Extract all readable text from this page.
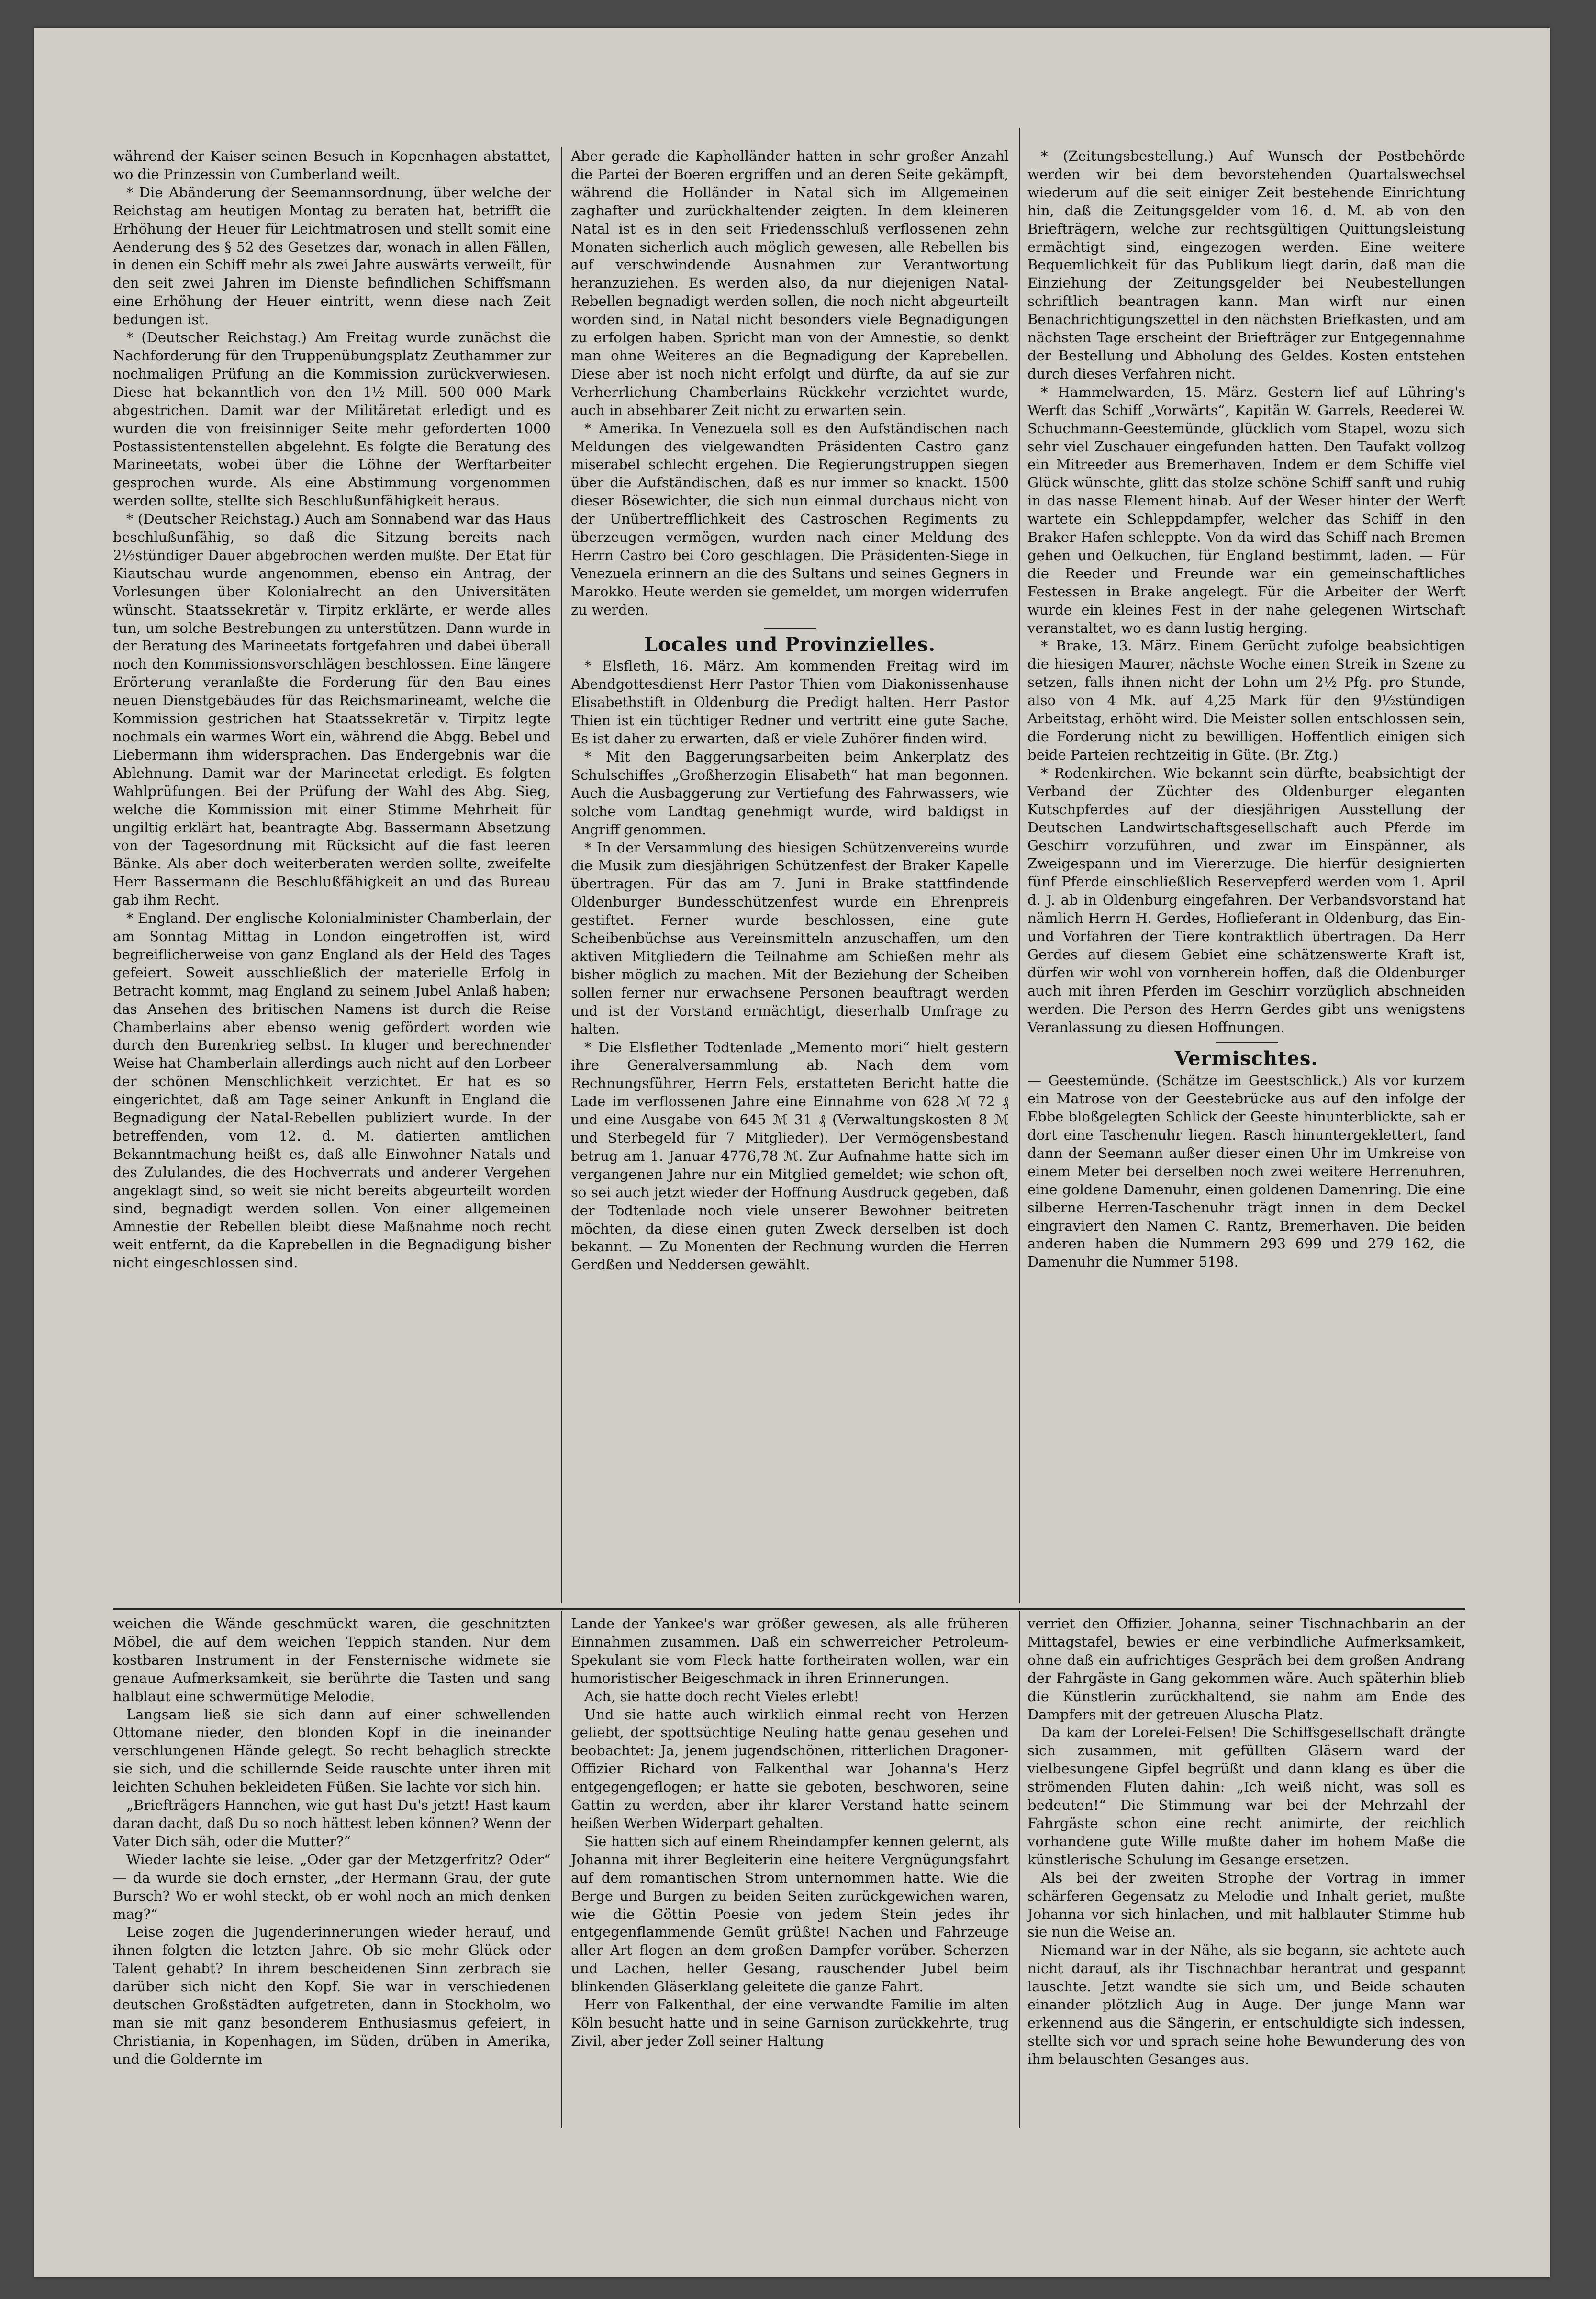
während der Kaiser seinen Besuch in Kopenhagen abstattet, wo die Prinzessin von Cumberland weilt.

* Die Abänderung der Seemannsordnung, über welche der Reichstag am heutigen Montag zu beraten hat, betrifft die Erhöhung der Heuer für Leichtmatrosen und stellt somit eine Aenderung des § 52 des Gesetzes dar, wonach in allen Fällen, in denen ein Schiff mehr als zwei Jahre auswärts verweilt, für den seit zwei Jahren im Dienste befindlichen Schiffsmann eine Erhöhung der Heuer eintritt, wenn diese nach Zeit bedungen ist.

* (Deutscher Reichstag.) Am Freitag wurde zunächst die Nachforderung für den Truppenübungsplatz Zeuthammer zur nochmaligen Prüfung an die Kommission zurückverwiesen. Diese hat bekanntlich von den 1½ Mill. 500 000 Mark abgestrichen. Damit war der Militäretat erledigt und es wurden die von freisinniger Seite mehr geforderten 1000 Postassistentenstellen abgelehnt. Es folgte die Beratung des Marineetats, wobei über die Löhne der Werftarbeiter gesprochen wurde. Als eine Abstimmung vorgenommen werden sollte, stellte sich Beschlußunfähigkeit heraus.

* (Deutscher Reichstag.) Auch am Sonnabend war das Haus beschlußunfähig, so daß die Sitzung bereits nach 2½stündiger Dauer abgebrochen werden mußte. Der Etat für Kiautschau wurde angenommen, ebenso ein Antrag, der Vorlesungen über Kolonialrecht an den Universitäten wünscht. Staatssekretär v. Tirpitz erklärte, er werde alles tun, um solche Bestrebungen zu unterstützen. Dann wurde in der Beratung des Marineetats fortgefahren und dabei überall noch den Kommissionsvorschlägen beschlossen. Eine längere Erörterung veranlaßte die Forderung für den Bau eines neuen Dienstgebäudes für das Reichsmarineamt, welche die Kommission gestrichen hat Staatssekretär v. Tirpitz legte nochmals ein warmes Wort ein, während die Abgg. Bebel und Liebermann ihm widersprachen. Das Endergebnis war die Ablehnung. Damit war der Marineetat erledigt. Es folgten Wahlprüfungen. Bei der Prüfung der Wahl des Abg. Sieg, welche die Kommission mit einer Stimme Mehrheit für ungiltig erklärt hat, beantragte Abg. Bassermann Absetzung von der Tagesordnung mit Rücksicht auf die fast leeren Bänke. Als aber doch weiterberaten werden sollte, zweifelte Herr Bassermann die Beschlußfähigkeit an und das Bureau gab ihm Recht.

* England. Der englische Kolonialminister Chamberlain, der am Sonntag Mittag in London eingetroffen ist, wird begreiflicherweise von ganz England als der Held des Tages gefeiert. Soweit ausschließlich der materielle Erfolg in Betracht kommt, mag England zu seinem Jubel Anlaß haben; das Ansehen des britischen Namens ist durch die Reise Chamberlains aber ebenso wenig gefördert worden wie durch den Burenkrieg selbst. In kluger und berechnender Weise hat Chamberlain allerdings auch nicht auf den Lorbeer der schönen Menschlichkeit verzichtet. Er hat es so eingerichtet, daß am Tage seiner Ankunft in England die Begnadigung der Natal-Rebellen publiziert wurde. In der betreffenden, vom 12. d. M. datierten amtlichen Bekanntmachung heißt es, daß alle Einwohner Natals und des Zululandes, die des Hochverrats und anderer Vergehen angeklagt sind, so weit sie nicht bereits abgeurteilt worden sind, begnadigt werden sollen. Von einer allgemeinen Amnestie der Rebellen bleibt diese Maßnahme noch recht weit entfernt, da die Kaprebellen in die Begnadigung bisher nicht eingeschlossen sind.

Aber gerade die Kapholländer hatten in sehr großer Anzahl die Partei der Boeren ergriffen und an deren Seite gekämpft, während die Holländer in Natal sich im Allgemeinen zaghafter und zurückhaltender zeigten. In dem kleineren Natal ist es in den seit Friedensschluß verflossenen zehn Monaten sicherlich auch möglich gewesen, alle Rebellen bis auf verschwindende Ausnahmen zur Verantwortung heranzuziehen. Es werden also, da nur diejenigen Natal-Rebellen begnadigt werden sollen, die noch nicht abgeurteilt worden sind, in Natal nicht besonders viele Begnadigungen zu erfolgen haben. Spricht man von der Amnestie, so denkt man ohne Weiteres an die Begnadigung der Kaprebellen. Diese aber ist noch nicht erfolgt und dürfte, da auf sie zur Verherrlichung Chamberlains Rückkehr verzichtet wurde, auch in absehbarer Zeit nicht zu erwarten sein.

* Amerika. In Venezuela soll es den Aufständischen nach Meldungen des vielgewandten Präsidenten Castro ganz miserabel schlecht ergehen. Die Regierungstruppen siegen über die Aufständischen, daß es nur immer so knackt. 1500 dieser Bösewichter, die sich nun einmal durchaus nicht von der Unübertrefflichkeit des Castroschen Regiments zu überzeugen vermögen, wurden nach einer Meldung des Herrn Castro bei Coro geschlagen. Die Präsidenten-Siege in Venezuela erinnern an die des Sultans und seines Gegners in Marokko. Heute werden sie gemeldet, um morgen widerrufen zu werden.

Locales und Provinzielles.

* Elsfleth, 16. März. Am kommenden Freitag wird im Abendgottesdienst Herr Pastor Thien vom Diakonissenhause Elisabethstift in Oldenburg die Predigt halten. Herr Pastor Thien ist ein tüchtiger Redner und vertritt eine gute Sache. Es ist daher zu erwarten, daß er viele Zuhörer finden wird.

* Mit den Baggerungsarbeiten beim Ankerplatz des Schulschiffes „Großherzogin Elisabeth“ hat man begonnen. Auch die Ausbaggerung zur Vertiefung des Fahrwassers, wie solche vom Landtag genehmigt wurde, wird baldigst in Angriff genommen.

* In der Versammlung des hiesigen Schützenvereins wurde die Musik zum diesjährigen Schützenfest der Braker Kapelle übertragen. Für das am 7. Juni in Brake stattfindende Oldenburger Bundesschützenfest wurde ein Ehrenpreis gestiftet. Ferner wurde beschlossen, eine gute Scheibenbüchse aus Vereinsmitteln anzuschaffen, um den aktiven Mitgliedern die Teilnahme am Schießen mehr als bisher möglich zu machen. Mit der Beziehung der Scheiben sollen ferner nur erwachsene Personen beauftragt werden und ist der Vorstand ermächtigt, dieserhalb Umfrage zu halten.

* Die Elsflether Todtenlade „Memento mori“ hielt gestern ihre Generalversammlung ab. Nach dem vom Rechnungsführer, Herrn Fels, erstatteten Bericht hatte die Lade im verflossenen Jahre eine Einnahme von 628 ℳ 72 ₰ und eine Ausgabe von 645 ℳ 31 ₰ (Verwaltungskosten 8 ℳ und Sterbegeld für 7 Mitglieder). Der Vermögensbestand betrug am 1. Januar 4776,78 ℳ. Zur Aufnahme hatte sich im vergangenen Jahre nur ein Mitglied gemeldet; wie schon oft, so sei auch jetzt wieder der Hoffnung Ausdruck gegeben, daß der Todtenlade noch viele unserer Bewohner beitreten möchten, da diese einen guten Zweck derselben ist doch bekannt. — Zu Monenten der Rechnung wurden die Herren Gerdßen und Neddersen gewählt.

* (Zeitungsbestellung.) Auf Wunsch der Postbehörde werden wir bei dem bevorstehenden Quartalswechsel wiederum auf die seit einiger Zeit bestehende Einrichtung hin, daß die Zeitungsgelder vom 16. d. M. ab von den Briefträgern, welche zur rechtsgültigen Quittungsleistung ermächtigt sind, eingezogen werden. Eine weitere Bequemlichkeit für das Publikum liegt darin, daß man die Einziehung der Zeitungsgelder bei Neubestellungen schriftlich beantragen kann. Man wirft nur einen Benachrichtigungszettel in den nächsten Briefkasten, und am nächsten Tage erscheint der Briefträger zur Entgegennahme der Bestellung und Abholung des Geldes. Kosten entstehen durch dieses Verfahren nicht.

* Hammelwarden, 15. März. Gestern lief auf Lühring's Werft das Schiff „Vorwärts“, Kapitän W. Garrels, Reederei W. Schuchmann-Geestemünde, glücklich vom Stapel, wozu sich sehr viel Zuschauer eingefunden hatten. Den Taufakt vollzog ein Mitreeder aus Bremerhaven. Indem er dem Schiffe viel Glück wünschte, glitt das stolze schöne Schiff sanft und ruhig in das nasse Element hinab. Auf der Weser hinter der Werft wartete ein Schleppdampfer, welcher das Schiff in den Braker Hafen schleppte. Von da wird das Schiff nach Bremen gehen und Oelkuchen, für England bestimmt, laden. — Für die Reeder und Freunde war ein gemeinschaftliches Festessen in Brake angelegt. Für die Arbeiter der Werft wurde ein kleines Fest in der nahe gelegenen Wirtschaft veranstaltet, wo es dann lustig herging.

* Brake, 13. März. Einem Gerücht zufolge beabsichtigen die hiesigen Maurer, nächste Woche einen Streik in Szene zu setzen, falls ihnen nicht der Lohn um 2½ Pfg. pro Stunde, also von 4 Mk. auf 4,25 Mark für den 9½stündigen Arbeitstag, erhöht wird. Die Meister sollen entschlossen sein, die Forderung nicht zu bewilligen. Hoffentlich einigen sich beide Parteien rechtzeitig in Güte. (Br. Ztg.)

* Rodenkirchen. Wie bekannt sein dürfte, beabsichtigt der Verband der Züchter des Oldenburger eleganten Kutschpferdes auf der diesjährigen Ausstellung der Deutschen Landwirtschaftsgesellschaft auch Pferde im Geschirr vorzuführen, und zwar im Einspänner, als Zweigespann und im Viererzuge. Die hierfür designierten fünf Pferde einschließlich Reservepferd werden vom 1. April d. J. ab in Oldenburg eingefahren. Der Verbandsvorstand hat nämlich Herrn H. Gerdes, Hoflieferant in Oldenburg, das Ein- und Vorfahren der Tiere kontraktlich übertragen. Da Herr Gerdes auf diesem Gebiet eine schätzenswerte Kraft ist, dürfen wir wohl von vornherein hoffen, daß die Oldenburger auch mit ihren Pferden im Geschirr vorzüglich abschneiden werden. Die Person des Herrn Gerdes gibt uns wenigstens Veranlassung zu diesen Hoffnungen.

Vermischtes.

— Geestemünde. (Schätze im Geestschlick.) Als vor kurzem ein Matrose von der Geestebrücke aus auf den infolge der Ebbe bloßgelegten Schlick der Geeste hinunterblickte, sah er dort eine Taschenuhr liegen. Rasch hinuntergeklettert, fand dann der Seemann außer dieser einen Uhr im Umkreise von einem Meter bei derselben noch zwei weitere Herrenuhren, eine goldene Damenuhr, einen goldenen Damenring. Die eine silberne Herren-Taschenuhr trägt innen in dem Deckel eingraviert den Namen C. Rantz, Bremerhaven. Die beiden anderen haben die Nummern 293 699 und 279 162, die Damenuhr die Nummer 5198.

weichen die Wände geschmückt waren, die geschnitzten Möbel, die auf dem weichen Teppich standen. Nur dem kostbaren Instrument in der Fensternische widmete sie genaue Aufmerksamkeit, sie berührte die Tasten und sang halblaut eine schwermütige Melodie.

Langsam ließ sie sich dann auf einer schwellenden Ottomane nieder, den blonden Kopf in die ineinander verschlungenen Hände gelegt. So recht behaglich streckte sie sich, und die schillernde Seide rauschte unter ihren mit leichten Schuhen bekleideten Füßen. Sie lachte vor sich hin.

„Briefträgers Hannchen, wie gut hast Du's jetzt! Hast kaum daran dacht, daß Du so noch hättest leben können? Wenn der Vater Dich säh, oder die Mutter?“

Wieder lachte sie leise. „Oder gar der Metzgerfritz? Oder“ — da wurde sie doch ernster, „der Hermann Grau, der gute Bursch? Wo er wohl steckt, ob er wohl noch an mich denken mag?“

Leise zogen die Jugenderinnerungen wieder herauf, und ihnen folgten die letzten Jahre. Ob sie mehr Glück oder Talent gehabt? In ihrem bescheidenen Sinn zerbrach sie darüber sich nicht den Kopf. Sie war in verschiedenen deutschen Großstädten aufgetreten, dann in Stockholm, wo man sie mit ganz besonderem Enthusiasmus gefeiert, in Christiania, in Kopenhagen, im Süden, drüben in Amerika, und die Goldernte im

Lande der Yankee's war größer gewesen, als alle früheren Einnahmen zusammen. Daß ein schwerreicher Petroleum-Spekulant sie vom Fleck hatte fortheiraten wollen, war ein humoristischer Beigeschmack in ihren Erinnerungen.

Ach, sie hatte doch recht Vieles erlebt!

Und sie hatte auch wirklich einmal recht von Herzen geliebt, der spottsüchtige Neuling hatte genau gesehen und beobachtet: Ja, jenem jugendschönen, ritterlichen Dragoner-Offizier Richard von Falkenthal war Johanna's Herz entgegengeflogen; er hatte sie geboten, beschworen, seine Gattin zu werden, aber ihr klarer Verstand hatte seinem heißen Werben Widerpart gehalten.

Sie hatten sich auf einem Rheindampfer kennen gelernt, als Johanna mit ihrer Begleiterin eine heitere Vergnügungsfahrt auf dem romantischen Strom unternommen hatte. Wie die Berge und Burgen zu beiden Seiten zurückgewichen waren, wie die Göttin Poesie von jedem Stein jedes ihr entgegenflammende Gemüt grüßte! Nachen und Fahrzeuge aller Art flogen an dem großen Dampfer vorüber. Scherzen und Lachen, heller Gesang, rauschender Jubel beim blinkenden Gläserklang geleitete die ganze Fahrt.

Herr von Falkenthal, der eine verwandte Familie im alten Köln besucht hatte und in seine Garnison zurückkehrte, trug Zivil, aber jeder Zoll seiner Haltung

verriet den Offizier. Johanna, seiner Tischnachbarin an der Mittagstafel, bewies er eine verbindliche Aufmerksamkeit, ohne daß ein aufrichtiges Gespräch bei dem großen Andrang der Fahrgäste in Gang gekommen wäre. Auch späterhin blieb die Künstlerin zurückhaltend, sie nahm am Ende des Dampfers mit der getreuen Aluscha Platz.

Da kam der Lorelei-Felsen! Die Schiffsgesellschaft drängte sich zusammen, mit gefüllten Gläsern ward der vielbesungene Gipfel begrüßt und dann klang es über die strömenden Fluten dahin: „Ich weiß nicht, was soll es bedeuten!“ Die Stimmung war bei der Mehrzahl der Fahrgäste schon eine recht animirte, der reichlich vorhandene gute Wille mußte daher im hohem Maße die künstlerische Schulung im Gesange ersetzen.

Als bei der zweiten Strophe der Vortrag in immer schärferen Gegensatz zu Melodie und Inhalt geriet, mußte Johanna vor sich hinlachen, und mit halblauter Stimme hub sie nun die Weise an.

Niemand war in der Nähe, als sie begann, sie achtete auch nicht darauf, als ihr Tischnachbar herantrat und gespannt lauschte. Jetzt wandte sie sich um, und Beide schauten einander plötzlich Aug in Auge. Der junge Mann war erkennend aus die Sängerin, er entschuldigte sich indessen, stellte sich vor und sprach seine hohe Bewunderung des von ihm belauschten Gesanges aus.
